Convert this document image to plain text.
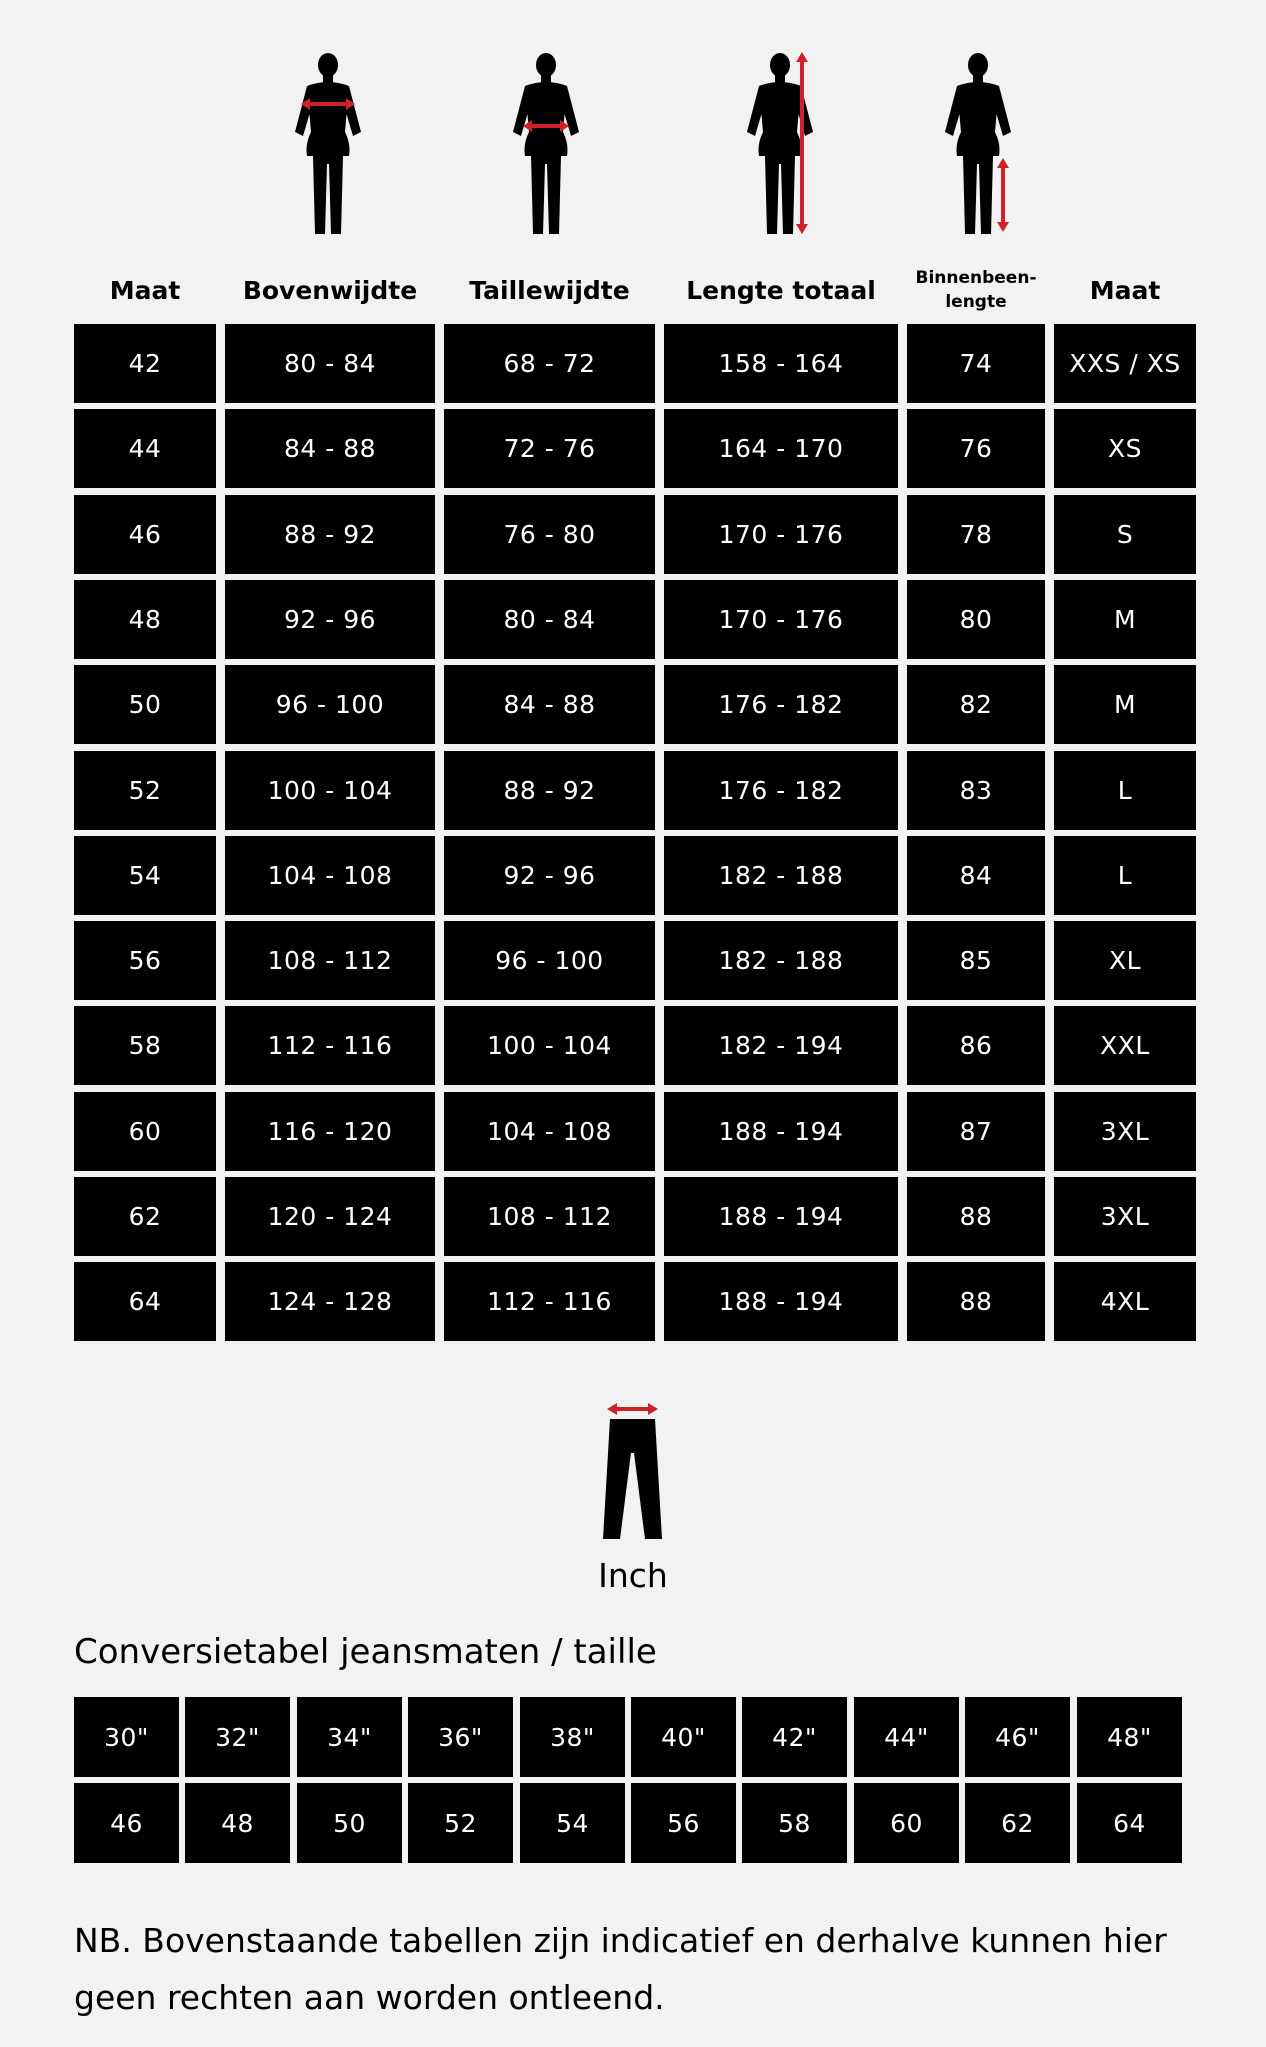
Maat	Bovenwijdte	Taillewijdte	Lengte totaal	Binnenbeen-
lengte	Maat
42	80 - 84	68 - 72	158 - 164	74	XXS / XS
44	84 - 88	72 - 76	164 - 170	76	XS
46	88 - 92	76 - 80	170 - 176	78	S
48	92 - 96	80 - 84	170 - 176	80	M
50	96 - 100	84 - 88	176 - 182	82	M
52	100 - 104	88 - 92	176 - 182	83	L
54	104 - 108	92 - 96	182 - 188	84	L
56	108 - 112	96 - 100	182 - 188	85	XL
58	112 - 116	100 - 104	182 - 194	86	XXL
60	116 - 120	104 - 108	188 - 194	87	3XL
62	120 - 124	108 - 112	188 - 194	88	3XL
64	124 - 128	112 - 116	188 - 194	88	4XL
Inch
Conversietabel jeansmaten / taille
30"	32"	34"	36"	38"	40"	42"	44"	46"	48"
46	48	50	52	54	56	58	60	62	64
NB. Bovenstaande tabellen zijn indicatief en derhalve kunnen hier geen rechten aan worden ontleend.
